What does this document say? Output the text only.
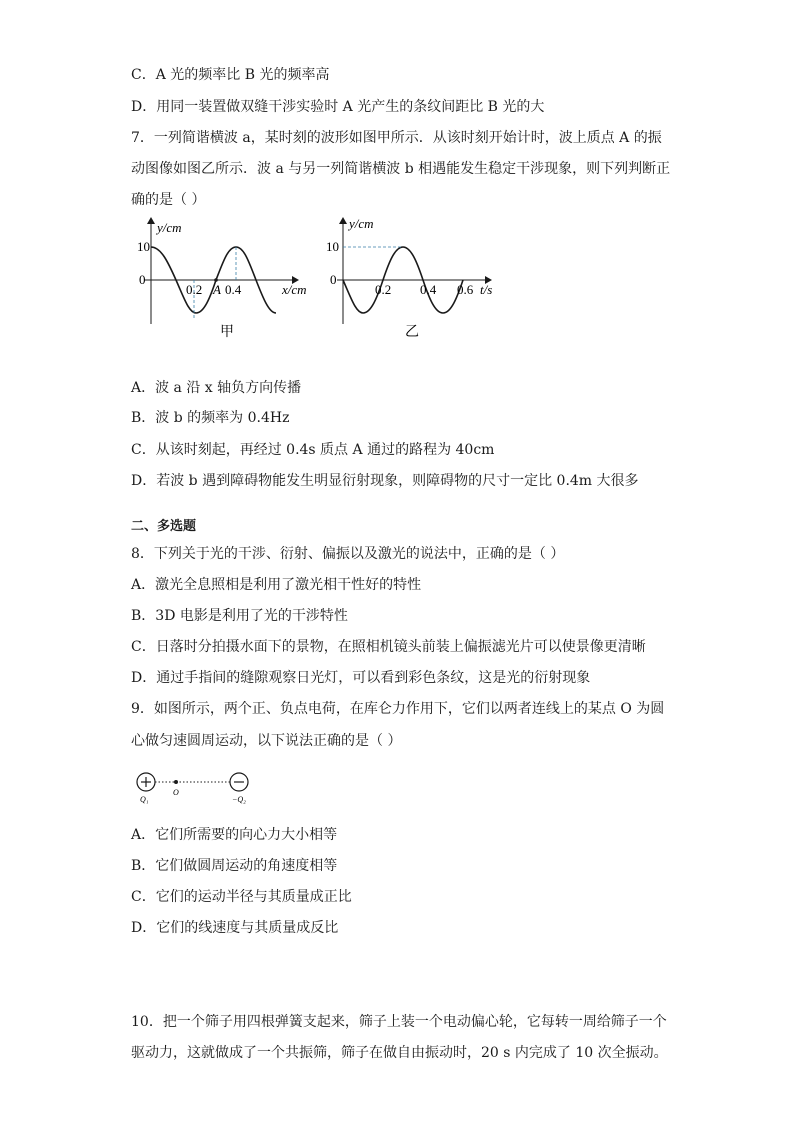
C．A 光的频率比 B 光的频率高
D．用同一装置做双缝干涉实验时 A 光产生的条纹间距比 B 光的大
7．一列简谐横波 a，某时刻的波形如图甲所示．从该时刻开始计时，波上质点 A 的振
动图像如图乙所示．波 a 与另一列简谐横波 b 相遇能发生稳定干涉现象，则下列判断正
确的是（ ）
y/cm
10
0
0.2 A 0.4	x/cm
甲
y/cm
10
0
0.2 0.4 0.6 t/s
乙
A．波 a 沿 x 轴负方向传播
B．波 b 的频率为 0.4Hz
C．从该时刻起，再经过 0.4s 质点 A 通过的路程为 40cm
D．若波 b 遇到障碍物能发生明显衍射现象，则障碍物的尺寸一定比 0.4m 大很多
二、多选题
8．下列关于光的干涉、衍射、偏振以及激光的说法中，正确的是（ ）
A．激光全息照相是利用了激光相干性好的特性
B．3D 电影是利用了光的干涉特性
C．日落时分拍摄水面下的景物，在照相机镜头前装上偏振滤光片可以使景像更清晰
D．通过手指间的缝隙观察日光灯，可以看到彩色条纹，这是光的衍射现象
9．如图所示，两个正、负点电荷，在库仑力作用下，它们以两者连线上的某点 O 为圆
心做匀速圆周运动，以下说法正确的是（ ）
Q₁
O
−Q₂
A．它们所需要的向心力大小相等
B．它们做圆周运动的角速度相等
C．它们的运动半径与其质量成正比
D．它们的线速度与其质量成反比
10．把一个筛子用四根弹簧支起来，筛子上装一个电动偏心轮，它每转一周给筛子一个
驱动力，这就做成了一个共振筛，筛子在做自由振动时，20 s 内完成了 10 次全振动。
